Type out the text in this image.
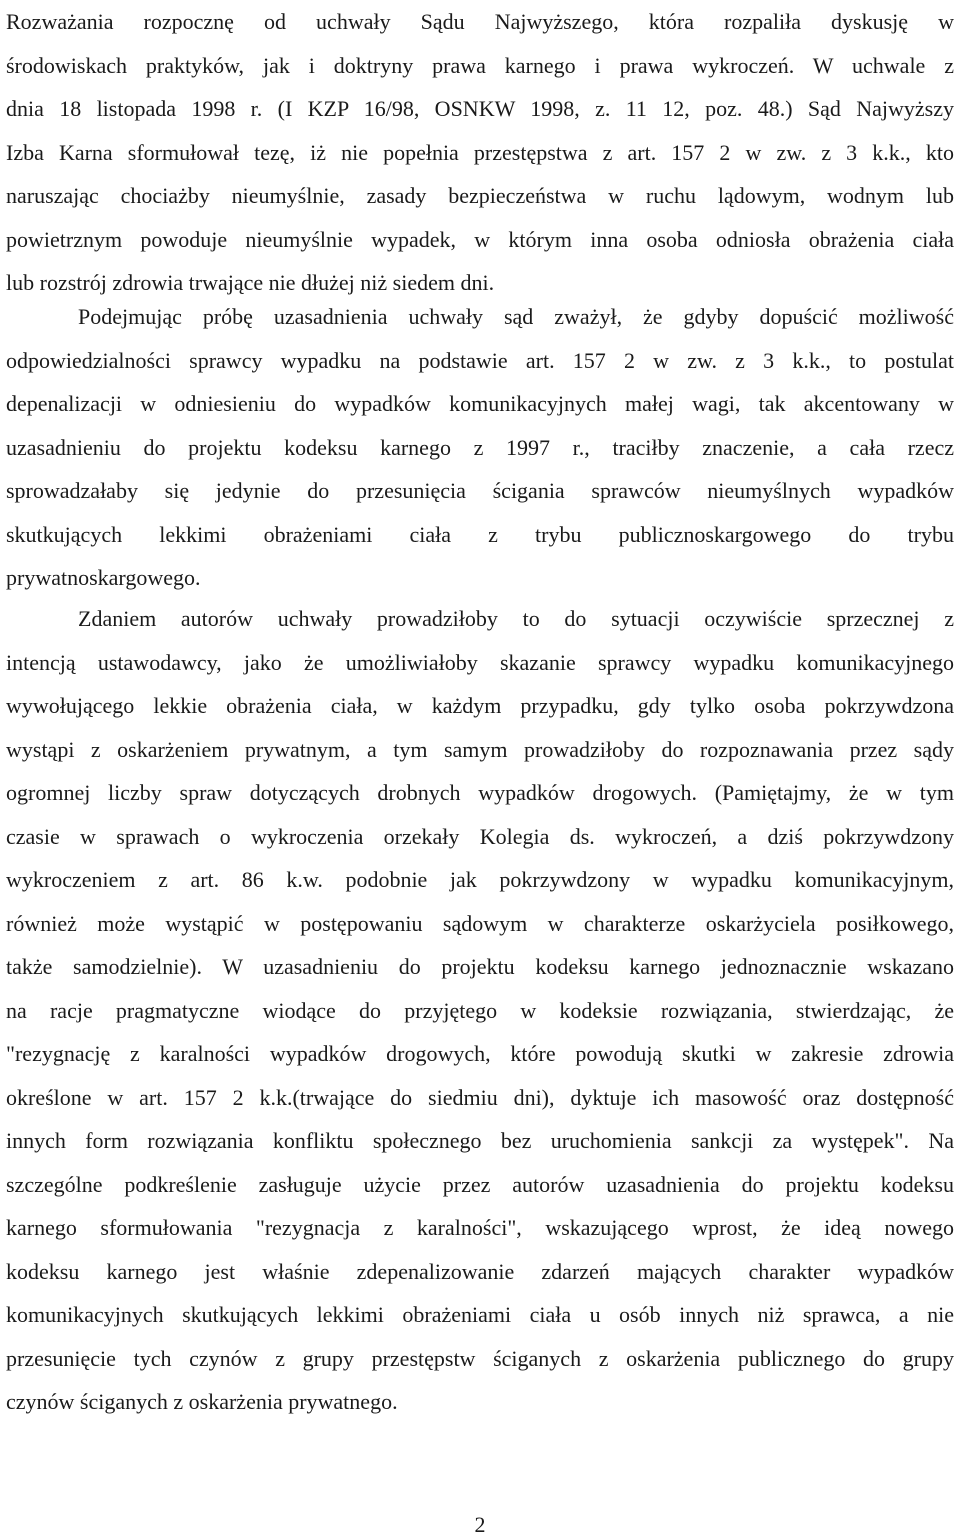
Rozważania rozpocznę od uchwały Sądu Najwyższego, która rozpaliła dyskusję w
środowiskach praktyków, jak i doktryny prawa karnego i prawa wykroczeń. W uchwale z
dnia 18 listopada 1998 r. (I KZP 16/98, OSNKW 1998, z. 11 12, poz. 48.) Sąd Najwyższy
Izba Karna sformułował tezę, iż nie popełnia przestępstwa z art. 157 2 w zw. z 3 k.k., kto
naruszając chociażby nieumyślnie, zasady bezpieczeństwa w ruchu lądowym, wodnym lub
powietrznym powoduje nieumyślnie wypadek, w którym inna osoba odniosła obrażenia ciała
lub rozstrój zdrowia trwające nie dłużej niż siedem dni.
Podejmując próbę uzasadnienia uchwały sąd zważył, że gdyby dopuścić możliwość
odpowiedzialności sprawcy wypadku na podstawie art. 157 2 w zw. z 3 k.k., to postulat
depenalizacji w odniesieniu do wypadków komunikacyjnych małej wagi, tak akcentowany w
uzasadnieniu do projektu kodeksu karnego z 1997 r., traciłby znaczenie, a cała rzecz
sprowadzałaby się jedynie do przesunięcia ścigania sprawców nieumyślnych wypadków
skutkujących lekkimi obrażeniami ciała z trybu publicznoskargowego do trybu
prywatnoskargowego.
Zdaniem autorów uchwały prowadziłoby to do sytuacji oczywiście sprzecznej z
intencją ustawodawcy, jako że umożliwiałoby skazanie sprawcy wypadku komunikacyjnego
wywołującego lekkie obrażenia ciała, w każdym przypadku, gdy tylko osoba pokrzywdzona
wystąpi z oskarżeniem prywatnym, a tym samym prowadziłoby do rozpoznawania przez sądy
ogromnej liczby spraw dotyczących drobnych wypadków drogowych. (Pamiętajmy, że w tym
czasie w sprawach o wykroczenia orzekały Kolegia ds. wykroczeń, a dziś pokrzywdzony
wykroczeniem z art. 86 k.w. podobnie jak pokrzywdzony w wypadku komunikacyjnym,
również może wystąpić w postępowaniu sądowym w charakterze oskarżyciela posiłkowego,
także samodzielnie). W uzasadnieniu do projektu kodeksu karnego jednoznacznie wskazano
na racje pragmatyczne wiodące do przyjętego w kodeksie rozwiązania, stwierdzając, że
"rezygnację z karalności wypadków drogowych, które powodują skutki w zakresie zdrowia
określone w art. 157 2 k.k.(trwające do siedmiu dni), dyktuje ich masowość oraz dostępność
innych form rozwiązania konfliktu społecznego bez uruchomienia sankcji za występek". Na
szczególne podkreślenie zasługuje użycie przez autorów uzasadnienia do projektu kodeksu
karnego sformułowania "rezygnacja z karalności", wskazującego wprost, że ideą nowego
kodeksu karnego jest właśnie zdepenalizowanie zdarzeń mających charakter wypadków
komunikacyjnych skutkujących lekkimi obrażeniami ciała u osób innych niż sprawca, a nie
przesunięcie tych czynów z grupy przestępstw ściganych z oskarżenia publicznego do grupy
czynów ściganych z oskarżenia prywatnego.
2
